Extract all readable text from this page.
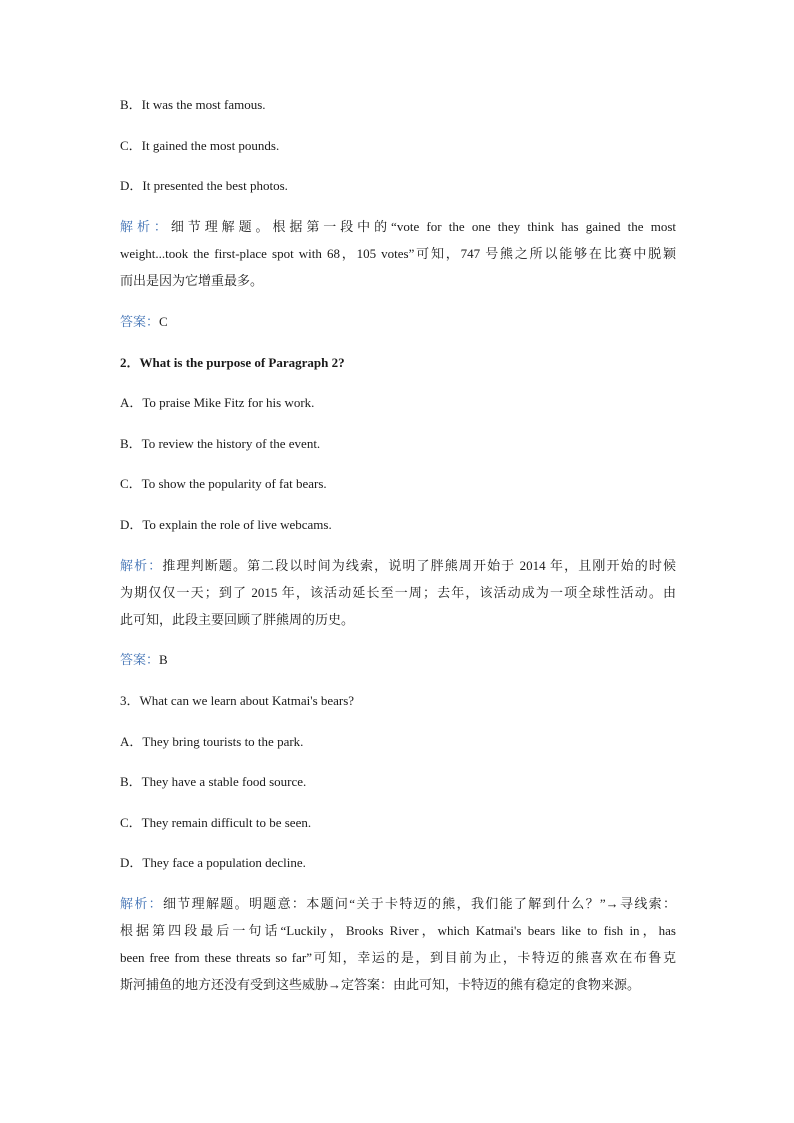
B．It was the most famous.
C．It gained the most pounds.
D．It presented the best photos.
解析：细节理解题。根据第一段中的“vote for the one they think has gained the most
weight...took the first-place spot with 68，105 votes”可知，747 号熊之所以能够在比赛中脱颖
而出是因为它增重最多。
答案：C
2．What is the purpose of Paragraph 2?
A．To praise Mike Fitz for his work.
B．To review the history of the event.
C．To show the popularity of fat bears.
D．To explain the role of live webcams.
解析：推理判断题。第二段以时间为线索，说明了胖熊周开始于 2014 年，且刚开始的时候
为期仅仅一天；到了 2015 年，该活动延长至一周；去年，该活动成为一项全球性活动。由
此可知，此段主要回顾了胖熊周的历史。
答案：B
3．What can we learn about Katmai's bears?
A．They bring tourists to the park.
B．They have a stable food source.
C．They remain difficult to be seen.
D．They face a population decline.
解析：细节理解题。明题意：本题问“关于卡特迈的熊，我们能了解到什么？”→寻线索：
根据第四段最后一句话“Luckily，Brooks River，which Katmai's bears like to fish in，has
been free from these threats so far”可知，幸运的是，到目前为止，卡特迈的熊喜欢在布鲁克
斯河捕鱼的地方还没有受到这些威胁→定答案：由此可知，卡特迈的熊有稳定的食物来源。
